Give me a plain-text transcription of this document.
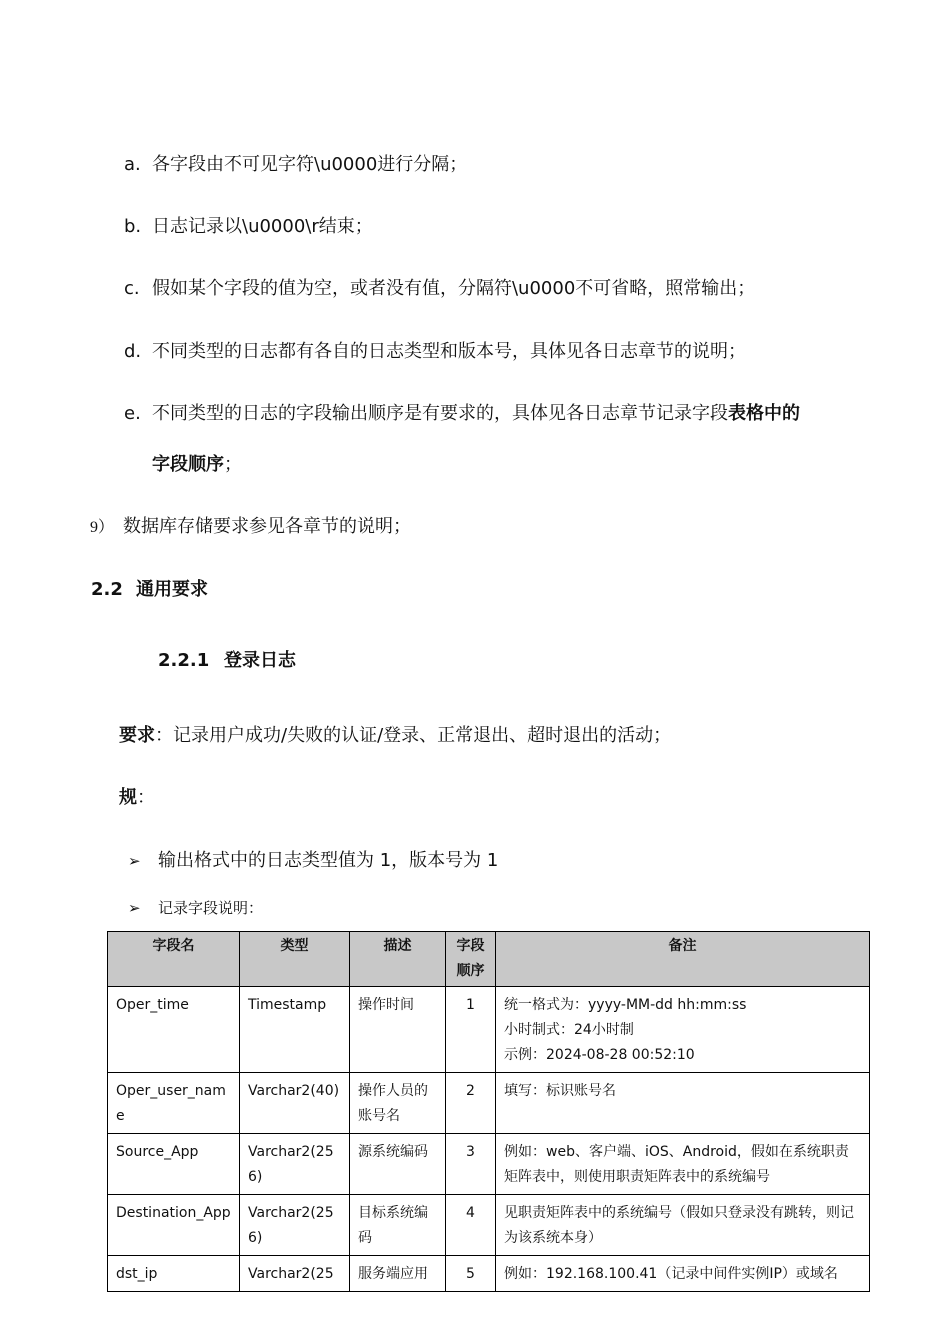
a. 各字段由不可见字符\u0000进行分隔；
b. 日志记录以\u0000\r结束；
c. 假如某个字段的值为空，或者没有值，分隔符\u0000不可省略，照常输出；
d. 不同类型的日志都有各自的日志类型和版本号，具体见各日志章节的说明；
e. 不同类型的日志的字段输出顺序是有要求的，具体见各日志章节记录字段表格中的
字段顺序；
9） 数据库存储要求参见各章节的说明；
2.2 通用要求
2.2.1 登录日志
要求：记录用户成功/失败的认证/登录、正常退出、超时退出的活动；
规：
➢ 输出格式中的日志类型值为 1，版本号为 1
➢ 记录字段说明：
字段名	类型	描述	字段顺序	备注
Oper_time	Timestamp	操作时间	1	统一格式为：yyyy-MM-dd hh:mm:ss
小时制式：24小时制
示例：2024-08-28 00:52:10

Oper_user_name	Varchar2(40)	操作人员的账号名	2	填写：标识账号名

Source_App	Varchar2(256)	源系统编码	3	例如：web、客户端、iOS、Android，假如在系统职责矩阵表中，则使用职责矩阵表中的系统编号

Destination_App	Varchar2(256)	目标系统编码	4	见职责矩阵表中的系统编号（假如只登录没有跳转，则记为该系统本身）

dst_ip	Varchar2(25	服务端应用	5	例如：192.168.100.41（记录中间件实例IP）或域名
